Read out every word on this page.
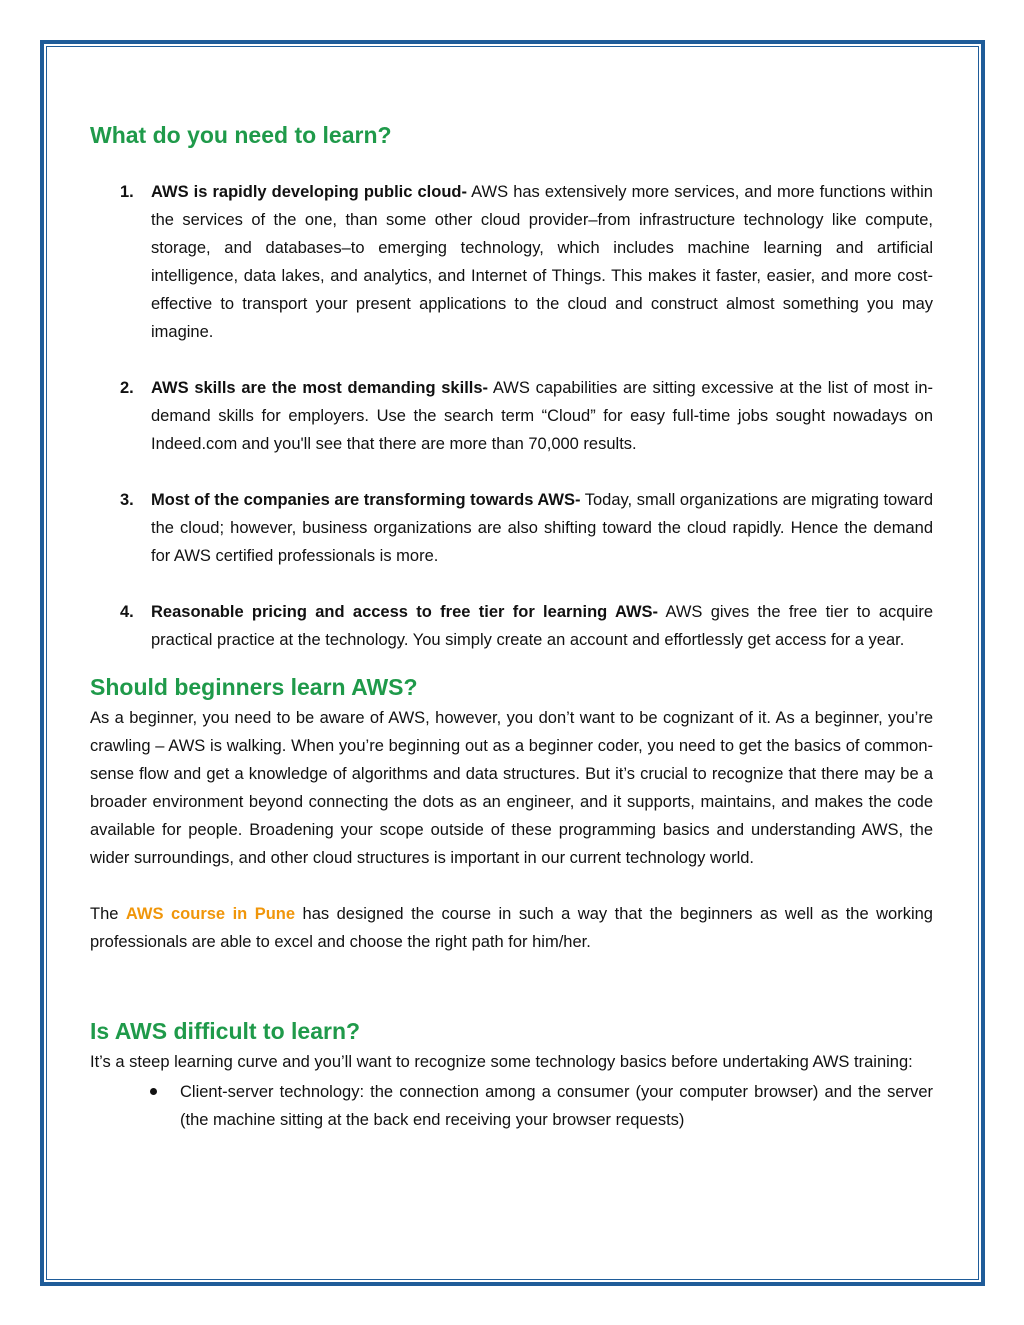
What do you need to learn?
1. AWS is rapidly developing public cloud- AWS has extensively more services, and more functions within the services of the one, than some other cloud provider–from infrastructure technology like compute, storage, and databases–to emerging technology, which includes machine learning and artificial intelligence, data lakes, and analytics, and Internet of Things. This makes it faster, easier, and more cost-effective to transport your present applications to the cloud and construct almost something you may imagine.
2. AWS skills are the most demanding skills- AWS capabilities are sitting excessive at the list of most in-demand skills for employers. Use the search term “Cloud” for easy full-time jobs sought nowadays on Indeed.com and you'll see that there are more than 70,000 results.
3. Most of the companies are transforming towards AWS- Today, small organizations are migrating toward the cloud; however, business organizations are also shifting toward the cloud rapidly. Hence the demand for AWS certified professionals is more.
4. Reasonable pricing and access to free tier for learning AWS- AWS gives the free tier to acquire practical practice at the technology. You simply create an account and effortlessly get access for a year.
Should beginners learn AWS?

As a beginner, you need to be aware of AWS, however, you don’t want to be cognizant of it. As a beginner, you’re crawling – AWS is walking. When you’re beginning out as a beginner coder, you need to get the basics of common-sense flow and get a knowledge of algorithms and data structures. But it’s crucial to recognize that there may be a broader environment beyond connecting the dots as an engineer, and it supports, maintains, and makes the code available for people. Broadening your scope outside of these programming basics and understanding AWS, the wider surroundings, and other cloud structures is important in our current technology world.

The AWS course in Pune has designed the course in such a way that the beginners as well as the working professionals are able to excel and choose the right path for him/her.

Is AWS difficult to learn?

It’s a steep learning curve and you’ll want to recognize some technology basics before undertaking AWS training:

Client-server technology: the connection among a consumer (your computer browser) and the server (the machine sitting at the back end receiving your browser requests)
